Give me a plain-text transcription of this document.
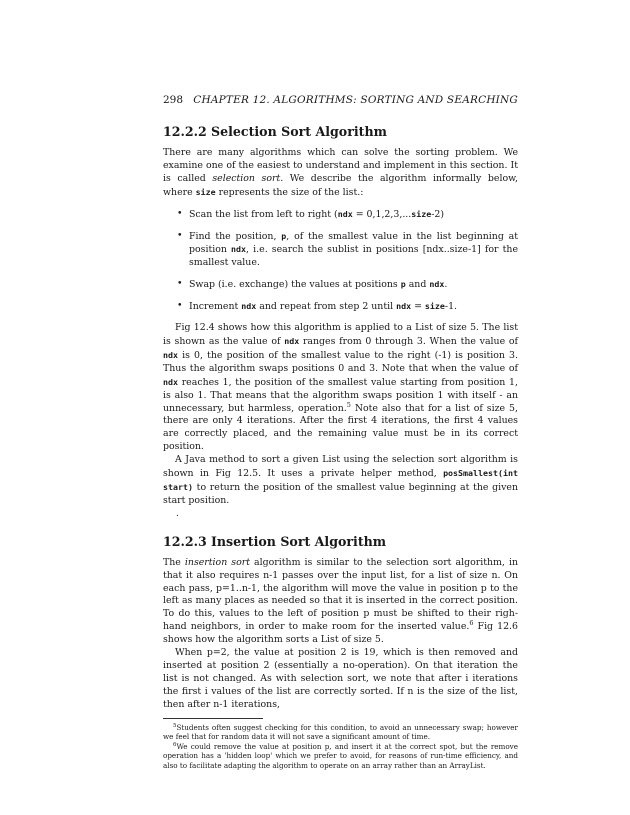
298 CHAPTER 12. ALGORITHMS: SORTING AND SEARCHING
12.2.2 Selection Sort Algorithm

There are many algorithms which can solve the sorting problem. We examine one of the easiest to understand and implement in this section. It is called selection sort. We describe the algorithm informally below, where size represents the size of the list.:

• Scan the list from left to right (ndx = 0,1,2,3,...size-2)
• Find the position, p, of the smallest value in the list beginning at position ndx, i.e. search the sublist in positions [ndx..size-1] for the smallest value.
• Swap (i.e. exchange) the values at positions p and ndx.
• Increment ndx and repeat from step 2 until ndx = size-1.

Fig 12.4 shows how this algorithm is applied to a List of size 5. The list is shown as the value of ndx ranges from 0 through 3. When the value of ndx is 0, the position of the smallest value to the right (-1) is position 3. Thus the algorithm swaps positions 0 and 3. Note that when the value of ndx reaches 1, the position of the smallest value starting from position 1, is also 1. That means that the algorithm swaps position 1 with itself - an unnecessary, but harmless, operation.$^5$ Note also that for a list of size 5, there are only 4 iterations. After the first 4 iterations, the first 4 values are correctly placed, and the remaining value must be in its correct position.

A Java method to sort a given List using the selection sort algorithm is shown in Fig 12.5. It uses a private helper method, posSmallest(int start) to return the position of the smallest value beginning at the given start position.

.
12.2.3 Insertion Sort Algorithm

The insertion sort algorithm is similar to the selection sort algorithm, in that it also requires n-1 passes over the input list, for a list of size n. On each pass, p=1..n-1, the algorithm will move the value in position p to the left as many places as needed so that it is inserted in the correct position. To do this, values to the left of position p must be shifted to their righ-hand neighbors, in order to make room for the inserted value.$^6$ Fig 12.6 shows how the algorithm sorts a List of size 5.

When p=2, the value at position 2 is 19, which is then removed and inserted at position 2 (essentially a no-operation). On that iteration the list is not changed. As with selection sort, we note that after i iterations the first i values of the list are correctly sorted. If n is the size of the list, then after n-1 iterations,

$^5$Students often suggest checking for this condition, to avoid an unnecessary swap; however we feel that for random data it will not save a significant amount of time.

$^6$We could remove the value at position p, and insert it at the correct spot, but the remove operation has a 'hidden loop' which we prefer to avoid, for reasons of run-time efficiency, and also to facilitate adapting the algorithm to operate on an array rather than an ArrayList.
